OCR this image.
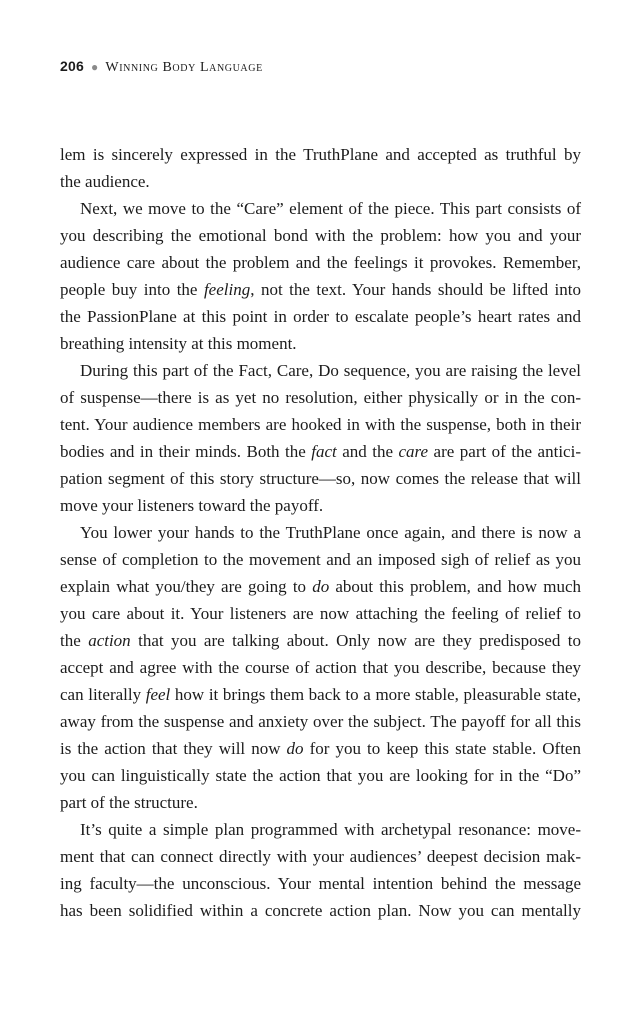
206 ● Winning Body Language
lem is sincerely expressed in the TruthPlane and accepted as truthful by
the audience.
Next, we move to the “Care” element of the piece. This part consists of
you describing the emotional bond with the problem: how you and your
audience care about the problem and the feelings it provokes. Remember,
people buy into the feeling, not the text. Your hands should be lifted into
the PassionPlane at this point in order to escalate people’s heart rates and
breathing intensity at this moment.
During this part of the Fact, Care, Do sequence, you are raising the level
of suspense—there is as yet no resolution, either physically or in the con-
tent. Your audience members are hooked in with the suspense, both in their
bodies and in their minds. Both the fact and the care are part of the antici-
pation segment of this story structure—so, now comes the release that will
move your listeners toward the payoff.
You lower your hands to the TruthPlane once again, and there is now a
sense of completion to the movement and an imposed sigh of relief as you
explain what you/they are going to do about this problem, and how much
you care about it. Your listeners are now attaching the feeling of relief to
the action that you are talking about. Only now are they predisposed to
accept and agree with the course of action that you describe, because they
can literally feel how it brings them back to a more stable, pleasurable state,
away from the suspense and anxiety over the subject. The payoff for all this
is the action that they will now do for you to keep this state stable. Often
you can linguistically state the action that you are looking for in the “Do”
part of the structure.
It’s quite a simple plan programmed with archetypal resonance: move-
ment that can connect directly with your audiences’ deepest decision mak-
ing faculty—the unconscious. Your mental intention behind the message
has been solidified within a concrete action plan. Now you can mentally
